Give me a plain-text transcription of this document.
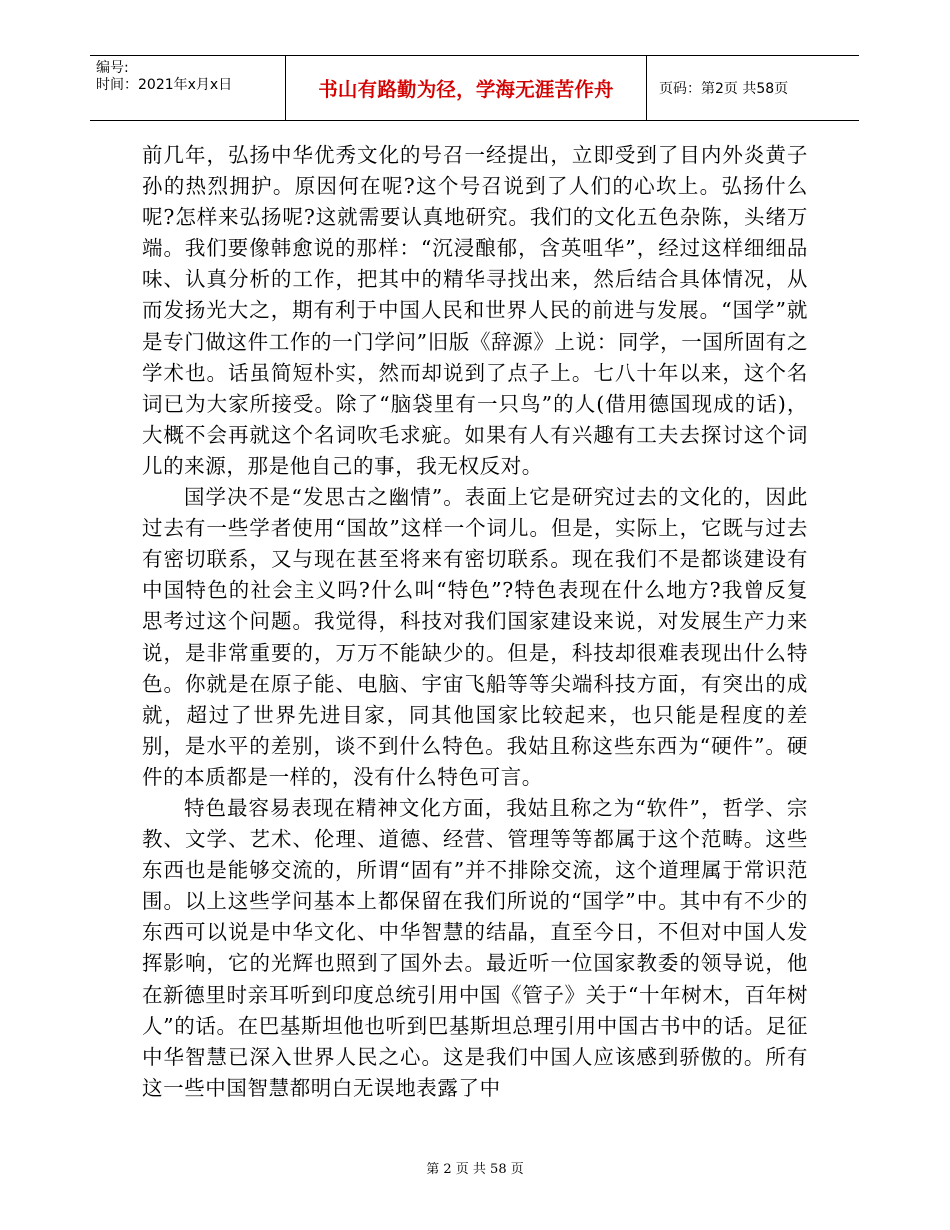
编号:
时间：2021年x月x日	书山有路勤为径，学海无涯苦作舟	页码：第2页 共58页

前几年，弘扬中华优秀文化的号召一经提出，立即受到了目内外炎黄子孙的热烈拥护。原因何在呢?这个号召说到了人们的心坎上。弘扬什么呢?怎样来弘扬呢?这就需要认真地研究。我们的文化五色杂陈，头绪万端。我们要像韩愈说的那样：“沉浸酿郁，含英咀华”，经过这样细细品味、认真分析的工作，把其中的精华寻找出来，然后结合具体情况，从而发扬光大之，期有利于中国人民和世界人民的前进与发展。“国学”就是专门做这件工作的一门学问”旧版《辞源》上说：同学，一国所固有之学术也。话虽简短朴实，然而却说到了点子上。七八十年以来，这个名词已为大家所接受。除了“脑袋里有一只鸟”的人(借用德国现成的话)，大概不会再就这个名词吹毛求疵。如果有人有兴趣有工夫去探讨这个词儿的来源，那是他自己的事，我无权反对。

国学决不是“发思古之幽情”。表面上它是研究过去的文化的，因此过去有一些学者使用“国故”这样一个词儿。但是，实际上，它既与过去有密切联系，又与现在甚至将来有密切联系。现在我们不是都谈建设有中国特色的社会主义吗?什么叫“特色”?特色表现在什么地方?我曾反复思考过这个问题。我觉得，科技对我们国家建设来说，对发展生产力来说，是非常重要的，万万不能缺少的。但是，科技却很难表现出什么特色。你就是在原子能、电脑、宇宙飞船等等尖端科技方面，有突出的成就，超过了世界先进目家，同其他国家比较起来，也只能是程度的差别，是水平的差别，谈不到什么特色。我姑且称这些东西为“硬件”。硬件的本质都是一样的，没有什么特色可言。

特色最容易表现在精神文化方面，我姑且称之为“软件”，哲学、宗教、文学、艺术、伦理、道德、经营、管理等等都属于这个范畴。这些东西也是能够交流的，所谓“固有”并不排除交流，这个道理属于常识范围。以上这些学问基本上都保留在我们所说的“国学”中。其中有不少的东西可以说是中华文化、中华智慧的结晶，直至今日，不但对中国人发挥影响，它的光辉也照到了国外去。最近听一位国家教委的领导说，他在新德里时亲耳听到印度总统引用中国《管子》关于“十年树木，百年树人”的话。在巴基斯坦他也听到巴基斯坦总理引用中国古书中的话。足征中华智慧已深入世界人民之心。这是我们中国人应该感到骄傲的。所有这一些中国智慧都明白无误地表露了中

第 2 页 共 58 页
